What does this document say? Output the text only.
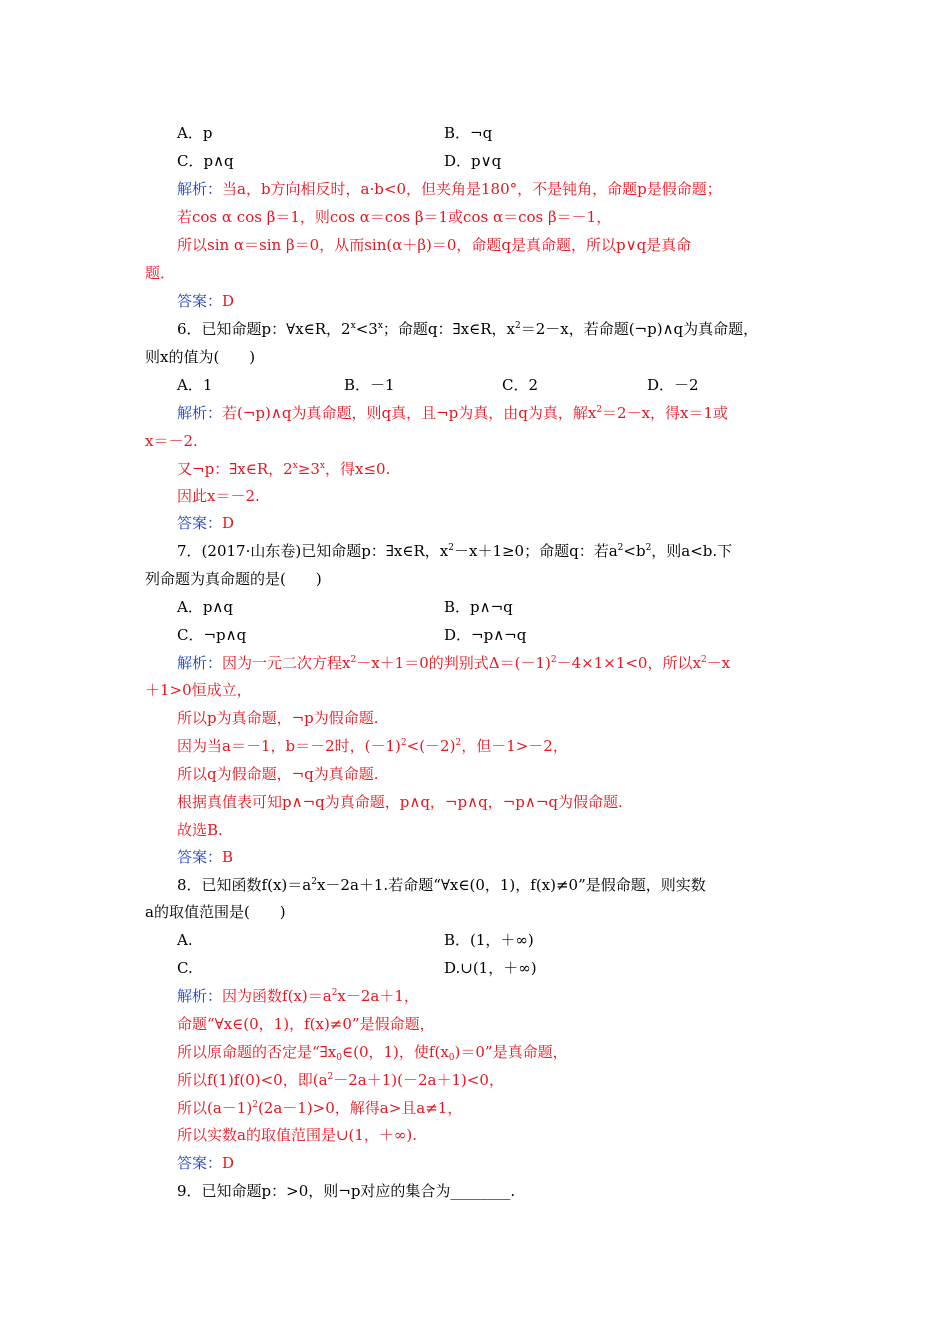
A．p	B．¬q
C．p∧q	D．p∨q
解析：当a，b方向相反时，a·b<0，但夹角是180°，不是钝角，命题p是假命题；
若cos α cos β＝1，则cos α＝cos β＝1或cos α＝cos β＝－1，
所以sin α＝sin β＝0，从而sin(α＋β)＝0，命题q是真命题，所以p∨q是真命
题．
答案：D
6．已知命题p：∀x∈R，$2^x<3^x$；命题q：∃x∈R，$x^2=2-x$，若命题(¬p)∧q为真命题，
则x的值为(　　)
A．1	B．－1	C．2	D．－2
解析：若(¬p)∧q为真命题，则q真，且¬p为真，由q为真，解$x^2=2-x$，得x＝1或
x＝－2.
又¬p：∃x∈R，$2^x\ge 3^x$，得x≤0.
因此x＝－2.
答案：D
7．(2017·山东卷)已知命题p：∃x∈R，$x^2-x+1\ge 0$；命题q：若$a^2<b^2$，则a<b.下
列命题为真命题的是(　　)
A．p∧q	B．p∧¬q
C．¬p∧q	D．¬p∧¬q
解析：因为一元二次方程$x^2-x+1=0$的判别式$\Delta=(-1)^2-4\times 1\times 1<0$，所以$x^2-x$
＋1>0恒成立，
所以p为真命题，¬p为假命题.
因为当a＝－1，b＝－2时，$(-1)^2<(-2)^2$，但－1>－2，
所以q为假命题，¬q为真命题.
根据真值表可知p∧¬q为真命题，p∧q，¬p∧q，¬p∧¬q为假命题.
故选B.
答案：B
8．已知函数$f(x)=a^2x-2a+1$.若命题“∀x∈(0，1)，f(x)≠0”是假命题，则实数
a的取值范围是(　　)
A.	B．(1，＋∞)
C.	D.∪(1，＋∞)
解析：因为函数$f(x)=a^2x-2a+1$，
命题“∀x∈(0，1)，f(x)≠0”是假命题，
所以原命题的否定是“$\exists x_0\in(0$，1)，使$f(x_0)=0$”是真命题，
所以f(1)f(0)<0，即$(a^2-2a+1)(-2a+1)<0$，
所以$(a-1)^2(2a-1)>0$，解得a>且a≠1，
所以实数a的取值范围是∪(1，＋∞).
答案：D
9．已知命题p：>0，则¬p对应的集合为________.
